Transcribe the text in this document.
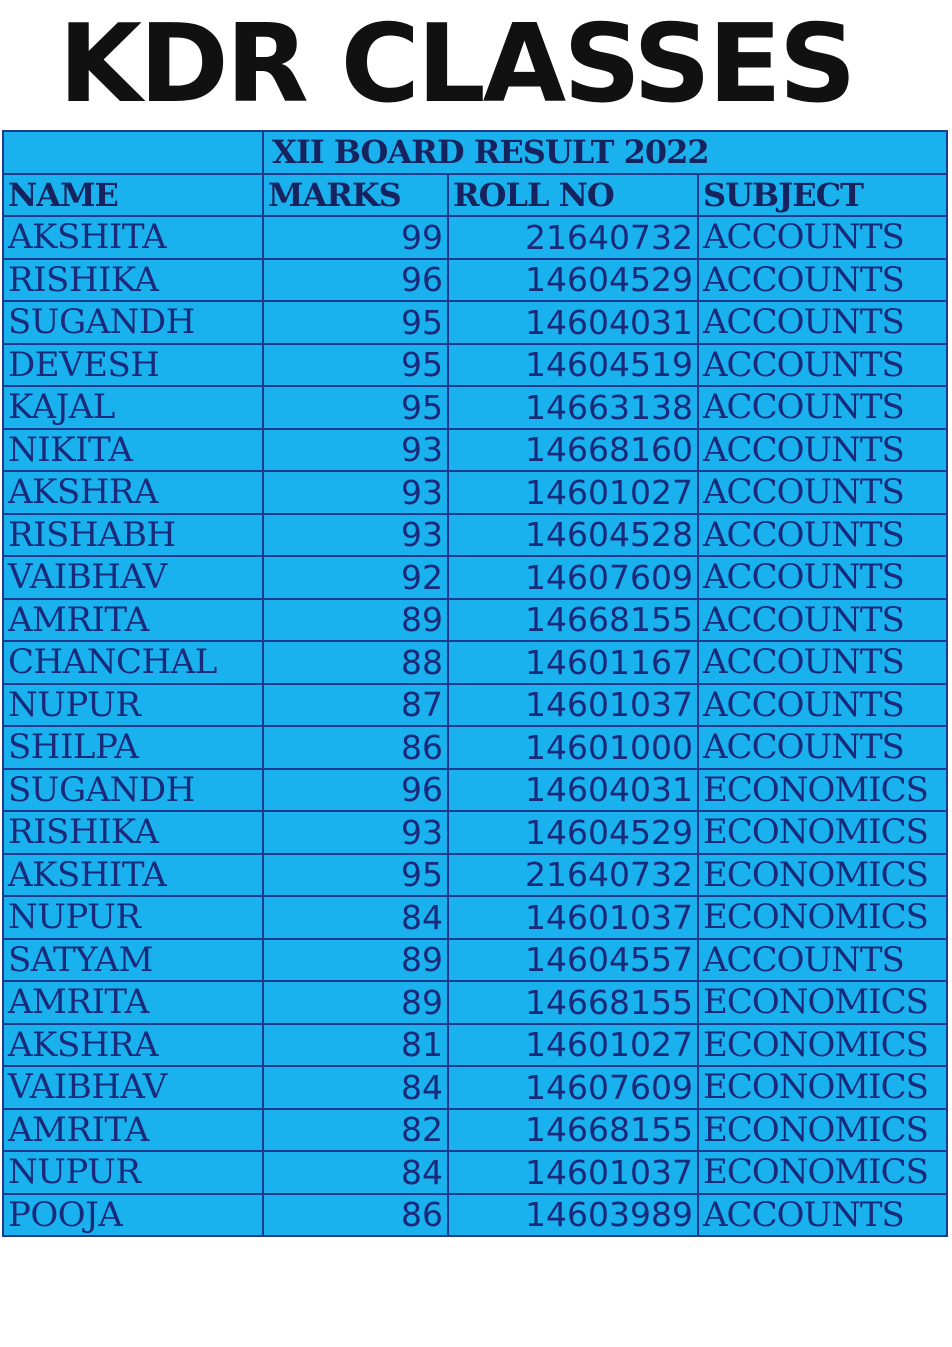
KDR CLASSES
	XII BOARD RESULT 2022		
NAME	MARKS	ROLL NO	SUBJECT
AKSHITA	99	21640732	ACCOUNTS
RISHIKA	96	14604529	ACCOUNTS
SUGANDH	95	14604031	ACCOUNTS
DEVESH	95	14604519	ACCOUNTS
KAJAL	95	14663138	ACCOUNTS
NIKITA	93	14668160	ACCOUNTS
AKSHRA	93	14601027	ACCOUNTS
RISHABH	93	14604528	ACCOUNTS
VAIBHAV	92	14607609	ACCOUNTS
AMRITA	89	14668155	ACCOUNTS
CHANCHAL	88	14601167	ACCOUNTS
NUPUR	87	14601037	ACCOUNTS
SHILPA	86	14601000	ACCOUNTS
SUGANDH	96	14604031	ECONOMICS
RISHIKA	93	14604529	ECONOMICS
AKSHITA	95	21640732	ECONOMICS
NUPUR	84	14601037	ECONOMICS
SATYAM	89	14604557	ACCOUNTS
AMRITA	89	14668155	ECONOMICS
AKSHRA	81	14601027	ECONOMICS
VAIBHAV	84	14607609	ECONOMICS
AMRITA	82	14668155	ECONOMICS
NUPUR	84	14601037	ECONOMICS
POOJA	86	14603989	ACCOUNTS
